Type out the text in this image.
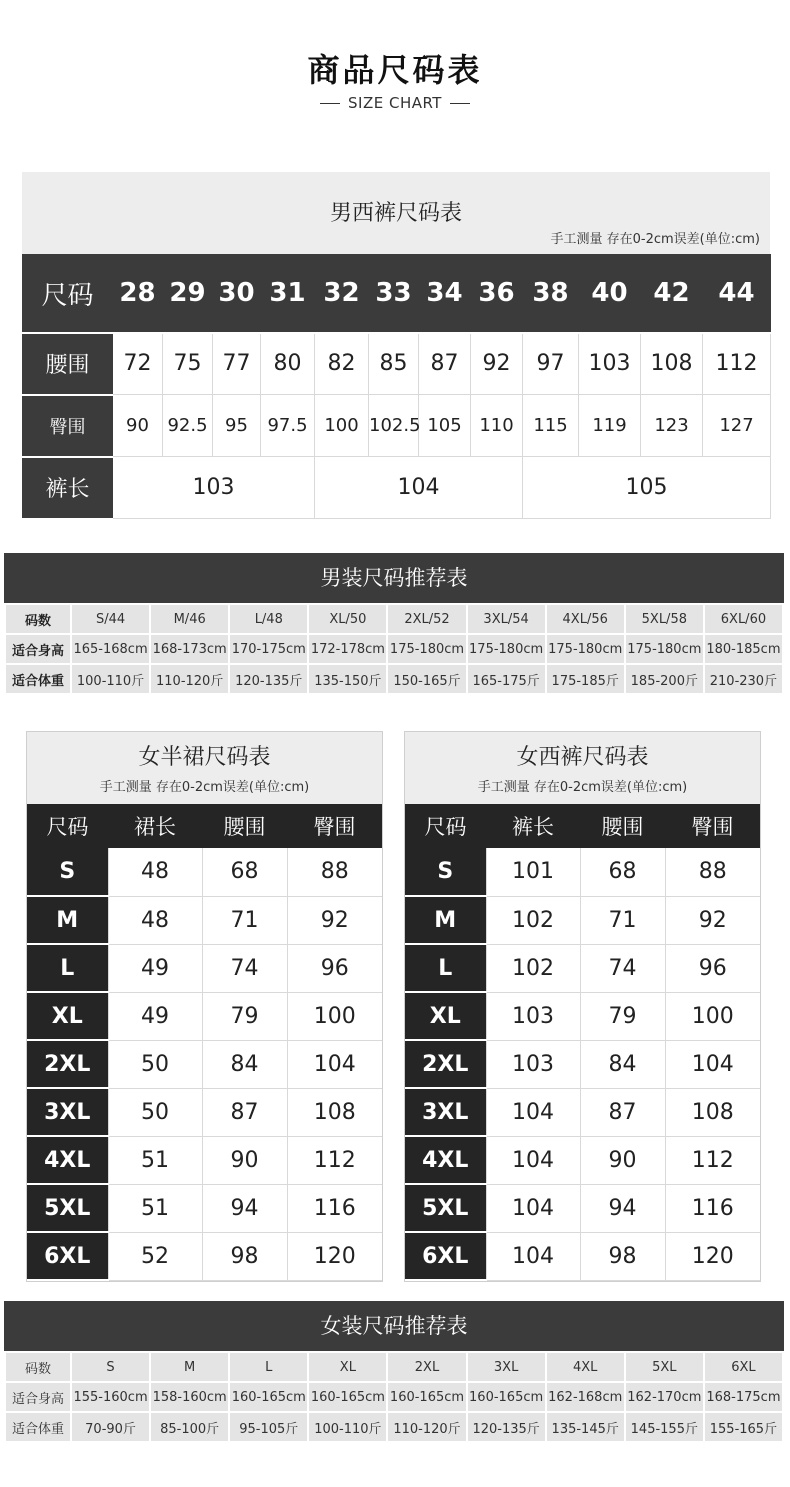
商品尺码表
SIZE CHART
男西裤尺码表
手工测量 存在0-2cm误差(单位:cm)
尺码	28	29	30	31	32	33	34	36	38	40	42	44
腰围	72	75	77	80	82	85	87	92	97	103	108	112
臀围	90	92.5	95	97.5	100	102.5	105	110	115	119	123	127
裤长	103				104				105			
男装尺码推荐表
码数	S/44	M/46	L/48	XL/50	2XL/52	3XL/54	4XL/56	5XL/58	6XL/60
适合身高	165-168cm	168-173cm	170-175cm	172-178cm	175-180cm	175-180cm	175-180cm	175-180cm	180-185cm
适合体重	100-110斤	110-120斤	120-135斤	135-150斤	150-165斤	165-175斤	175-185斤	185-200斤	210-230斤
女半裙尺码表
手工测量 存在0-2cm误差(单位:cm)
尺码	裙长	腰围	臀围
S	48	68	88
M	48	71	92
L	49	74	96
XL	49	79	100
2XL	50	84	104
3XL	50	87	108
4XL	51	90	112
5XL	51	94	116
6XL	52	98	120
女西裤尺码表
手工测量 存在0-2cm误差(单位:cm)
尺码	裤长	腰围	臀围
S	101	68	88
M	102	71	92
L	102	74	96
XL	103	79	100
2XL	103	84	104
3XL	104	87	108
4XL	104	90	112
5XL	104	94	116
6XL	104	98	120
女装尺码推荐表
码数	S	M	L	XL	2XL	3XL	4XL	5XL	6XL
适合身高	155-160cm	158-160cm	160-165cm	160-165cm	160-165cm	160-165cm	162-168cm	162-170cm	168-175cm
适合体重	70-90斤	85-100斤	95-105斤	100-110斤	110-120斤	120-135斤	135-145斤	145-155斤	155-165斤
